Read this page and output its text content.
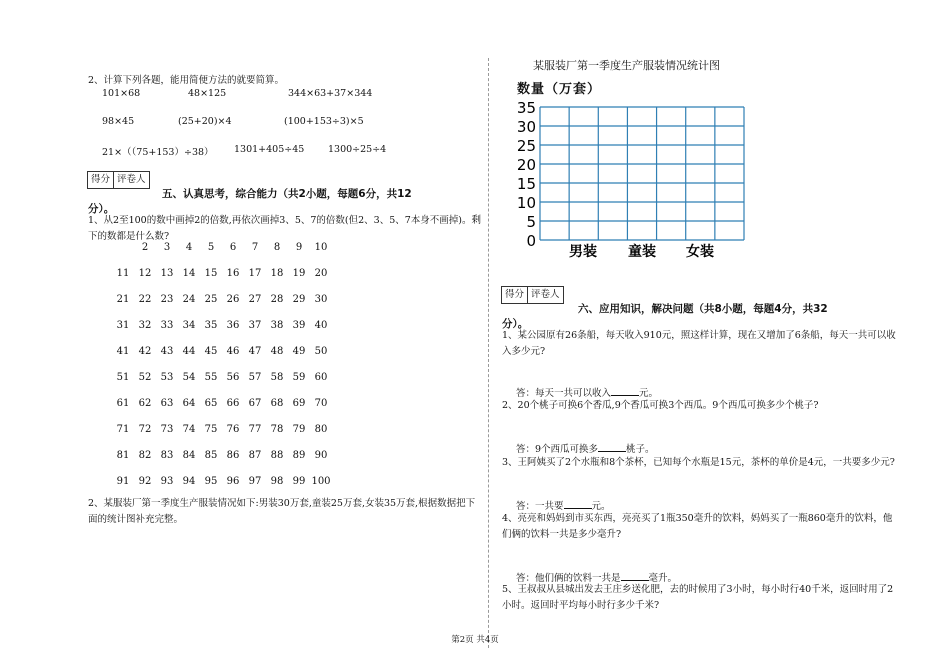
2、计算下列各题，能用简便方法的就要简算。
101×68	48×125	344×63+37×344
98×45	(25+20)×4	(100+153÷3)×5
21×（（75+153）÷38） 1301+405÷45 1300÷25÷4
得分 评卷人
五、认真思考，综合能力（共2小题，每题6分，共12
分）。
1、从2至100的数中画掉2的倍数,再依次画掉3、5、7的倍数(但2、3、5、7本身不画掉)。剩下的数都是什么数?
2	3	4	5	6	7	8	9	10
11 12 13 14 15 16 17 18 19 20
21 22 23 24 25 26 27 28 29 30
31 32 33 34 35 36 37 38 39 40
41 42 43 44 45 46 47 48 49 50
51 52 53 54 55 56 57 58 59 60
61 62 63 64 65 66 67 68 69 70
71 72 73 74 75 76 77 78 79 80
81 82 83 84 85 86 87 88 89 90
91 92 93 94 95 96 97 98 99 100
2、某服装厂第一季度生产服装情况如下:男装30万套,童装25万套,女装35万套,根据数据把下面的统计图补充完整。
某服装厂第一季度生产服装情况统计图
数量（万套）
35
30
25
20
15
10
5
0
男装 童装 女装
得分 评卷人
六、应用知识，解决问题（共8小题，每题4分，共32
分）。
1、某公园原有26条船，每天收入910元，照这样计算，现在又增加了6条船，每天一共可以收入多少元?
答：每天一共可以收入	元。
2、20个桃子可换6个香瓜,9个香瓜可换3个西瓜。9个西瓜可换多少个桃子?
答：9个西瓜可换多	桃子。
3、王阿姨买了2个水瓶和8个茶杯，已知每个水瓶是15元，茶杯的单价是4元，一共要多少元?
答：一共要	元。
4、亮亮和妈妈到市买东西，亮亮买了1瓶350毫升的饮料，妈妈买了一瓶860毫升的饮料，他们俩的饮料一共是多少毫升?
答：他们俩的饮料一共是	毫升。
5、王叔叔从县城出发去王庄乡送化肥，去的时候用了3小时，每小时行40千米，返回时用了2小时。返回时平均每小时行多少千米?
第2页 共4页
